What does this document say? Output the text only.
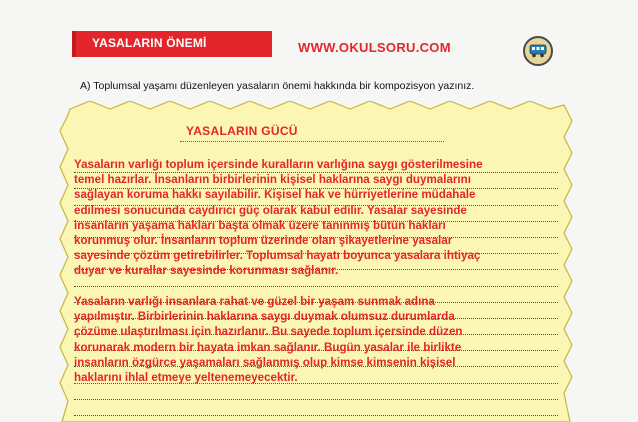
YASALARIN ÖNEMİ	WWW.OKULSORU.COM
A) Toplumsal yaşamı düzenleyen yasaların önemi hakkında bir kompozisyon yazınız.
YASALARIN GÜCÜ
Yasaların varlığı toplum içersinde kuralların varlığına saygı gösterilmesine
temel hazırlar. İnsanların birbirlerinin kişisel haklarına saygı duymalarını
sağlayan koruma hakkı sayılabilir. Kişisel hak ve hürriyetlerine müdahale
edilmesi sonucunda caydırıcı güç olarak kabul edilir. Yasalar sayesinde
insanların yaşama hakları başta olmak üzere tanınmış bütün hakları
korunmuş olur. İnsanların toplum üzerinde olan şikayetlerine yasalar
sayesinde çözüm getirebilirler. Toplumsal hayatı boyunca yasalara ihtiyaç
duyar ve kurallar sayesinde korunması sağlanır.
Yasaların varlığı insanlara rahat ve güzel bir yaşam sunmak adına
yapılmıştır. Birbirlerinin haklarına saygı duymak olumsuz durumlarda
çözüme ulaştırılması için hazırlanır. Bu sayede toplum içersinde düzen
korunarak modern bir hayata imkan sağlanır. Bugün yasalar ile birlikte
insanların özgürce yaşamaları sağlanmış olup kimse kimsenin kişisel
haklarını ihlal etmeye yeltenemeyecektir.
